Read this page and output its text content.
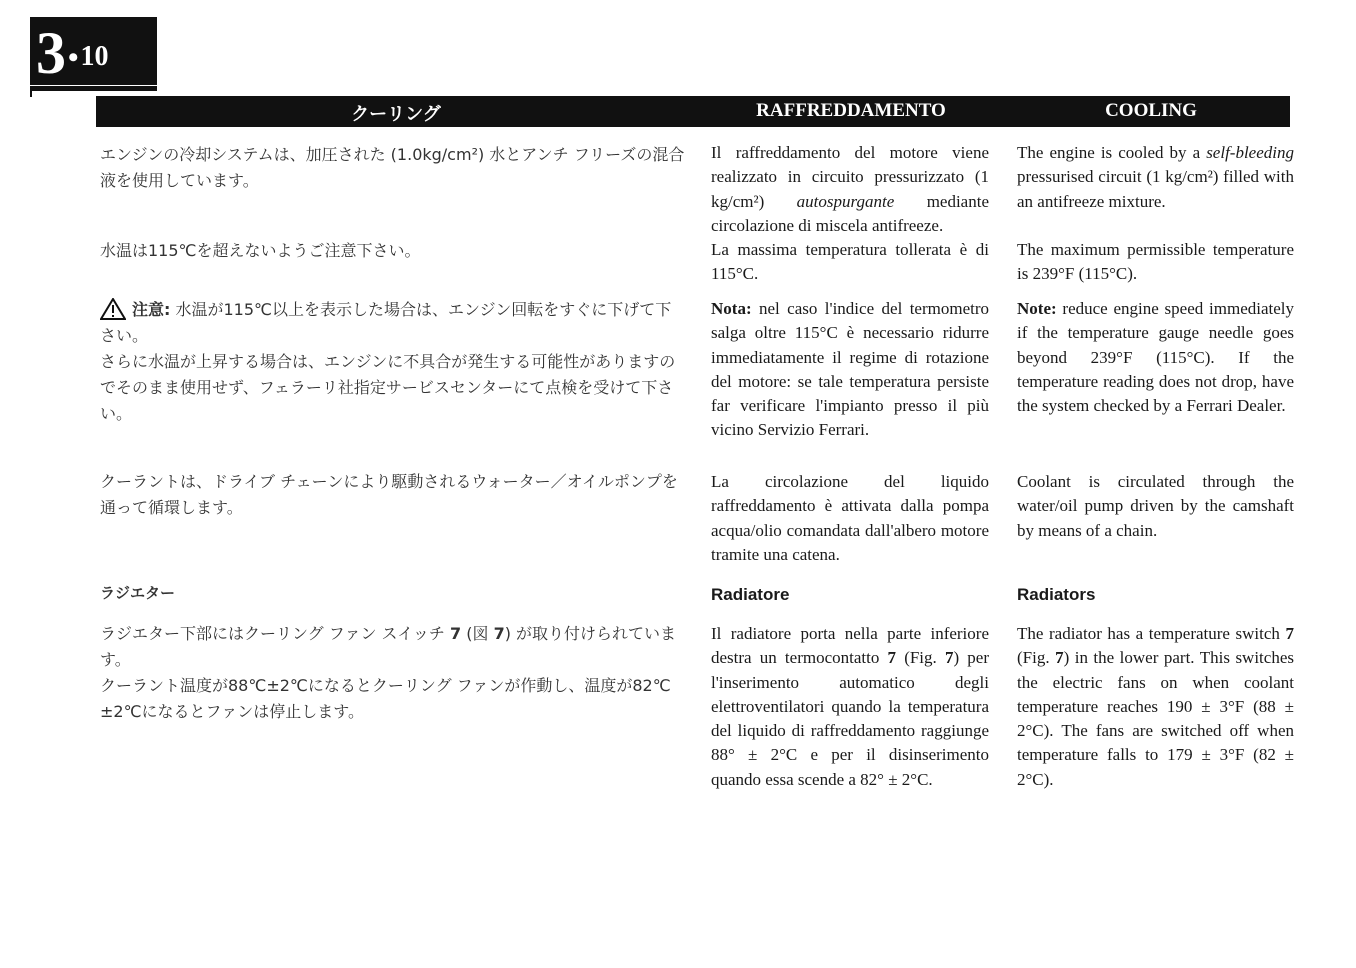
3 • 10
クーリング	RAFFREDDAMENTO	COOLING

エンジンの冷却システムは、加圧された (1.0kg/cm²) 水とアンチ フリーズの混合液を使用しています。

水温は115℃を超えないようご注意下さい。

注意: 水温が115℃以上を表示した場合は、エンジン回転をすぐに下げて下さい。

さらに水温が上昇する場合は、エンジンに不具合が発生する可能性がありますのでそのまま使用せず、フェラーリ社指定サービスセンターにて点検を受けて下さい。

クーラントは、ドライブ チェーンにより駆動されるウォーター／オイルポンプを通って循環します。

ラジエター

ラジエター下部にはクーリング ファン スイッチ 7 (図 7) が取り付けられています。

クーラント温度が88℃±2℃になるとクーリング ファンが作動し、温度が82℃±2℃になるとファンは停止します。

Il raffreddamento del motore viene realizzato in circuito pressurizzato (1 kg/cm²) autospurgante mediante circolazione di miscela antifreeze.

La massima temperatura tollerata è di 115°C.

Nota: nel caso l'indice del termometro salga oltre 115°C è necessario ridurre immediatamente il regime di rotazione del motore: se tale temperatura persiste far verificare l'impianto presso il più vicino Servizio Ferrari.

La circolazione del liquido raffreddamento è attivata dalla pompa acqua/olio comandata dall'albero motore tramite una catena.

Radiatore

Il radiatore porta nella parte inferiore destra un termocontatto 7 (Fig. 7) per l'inserimento automatico degli elettroventilatori quando la temperatura del liquido di raffreddamento raggiunge 88° ± 2°C e per il disinserimento quando essa scende a 82° ± 2°C.

The engine is cooled by a self-bleeding pressurised circuit (1 kg/cm²) filled with an antifreeze mixture.

The maximum permissible temperature is 239°F (115°C).

Note: reduce engine speed immediately if the temperature gauge needle goes beyond 239°F (115°C). If the temperature reading does not drop, have the system checked by a Ferrari Dealer.

Coolant is circulated through the water/oil pump driven by the camshaft by means of a chain.

Radiators

The radiator has a temperature switch 7 (Fig. 7) in the lower part. This switches the electric fans on when coolant temperature reaches 190 ± 3°F (88 ± 2°C). The fans are switched off when temperature falls to 179 ± 3°F (82 ± 2°C).
